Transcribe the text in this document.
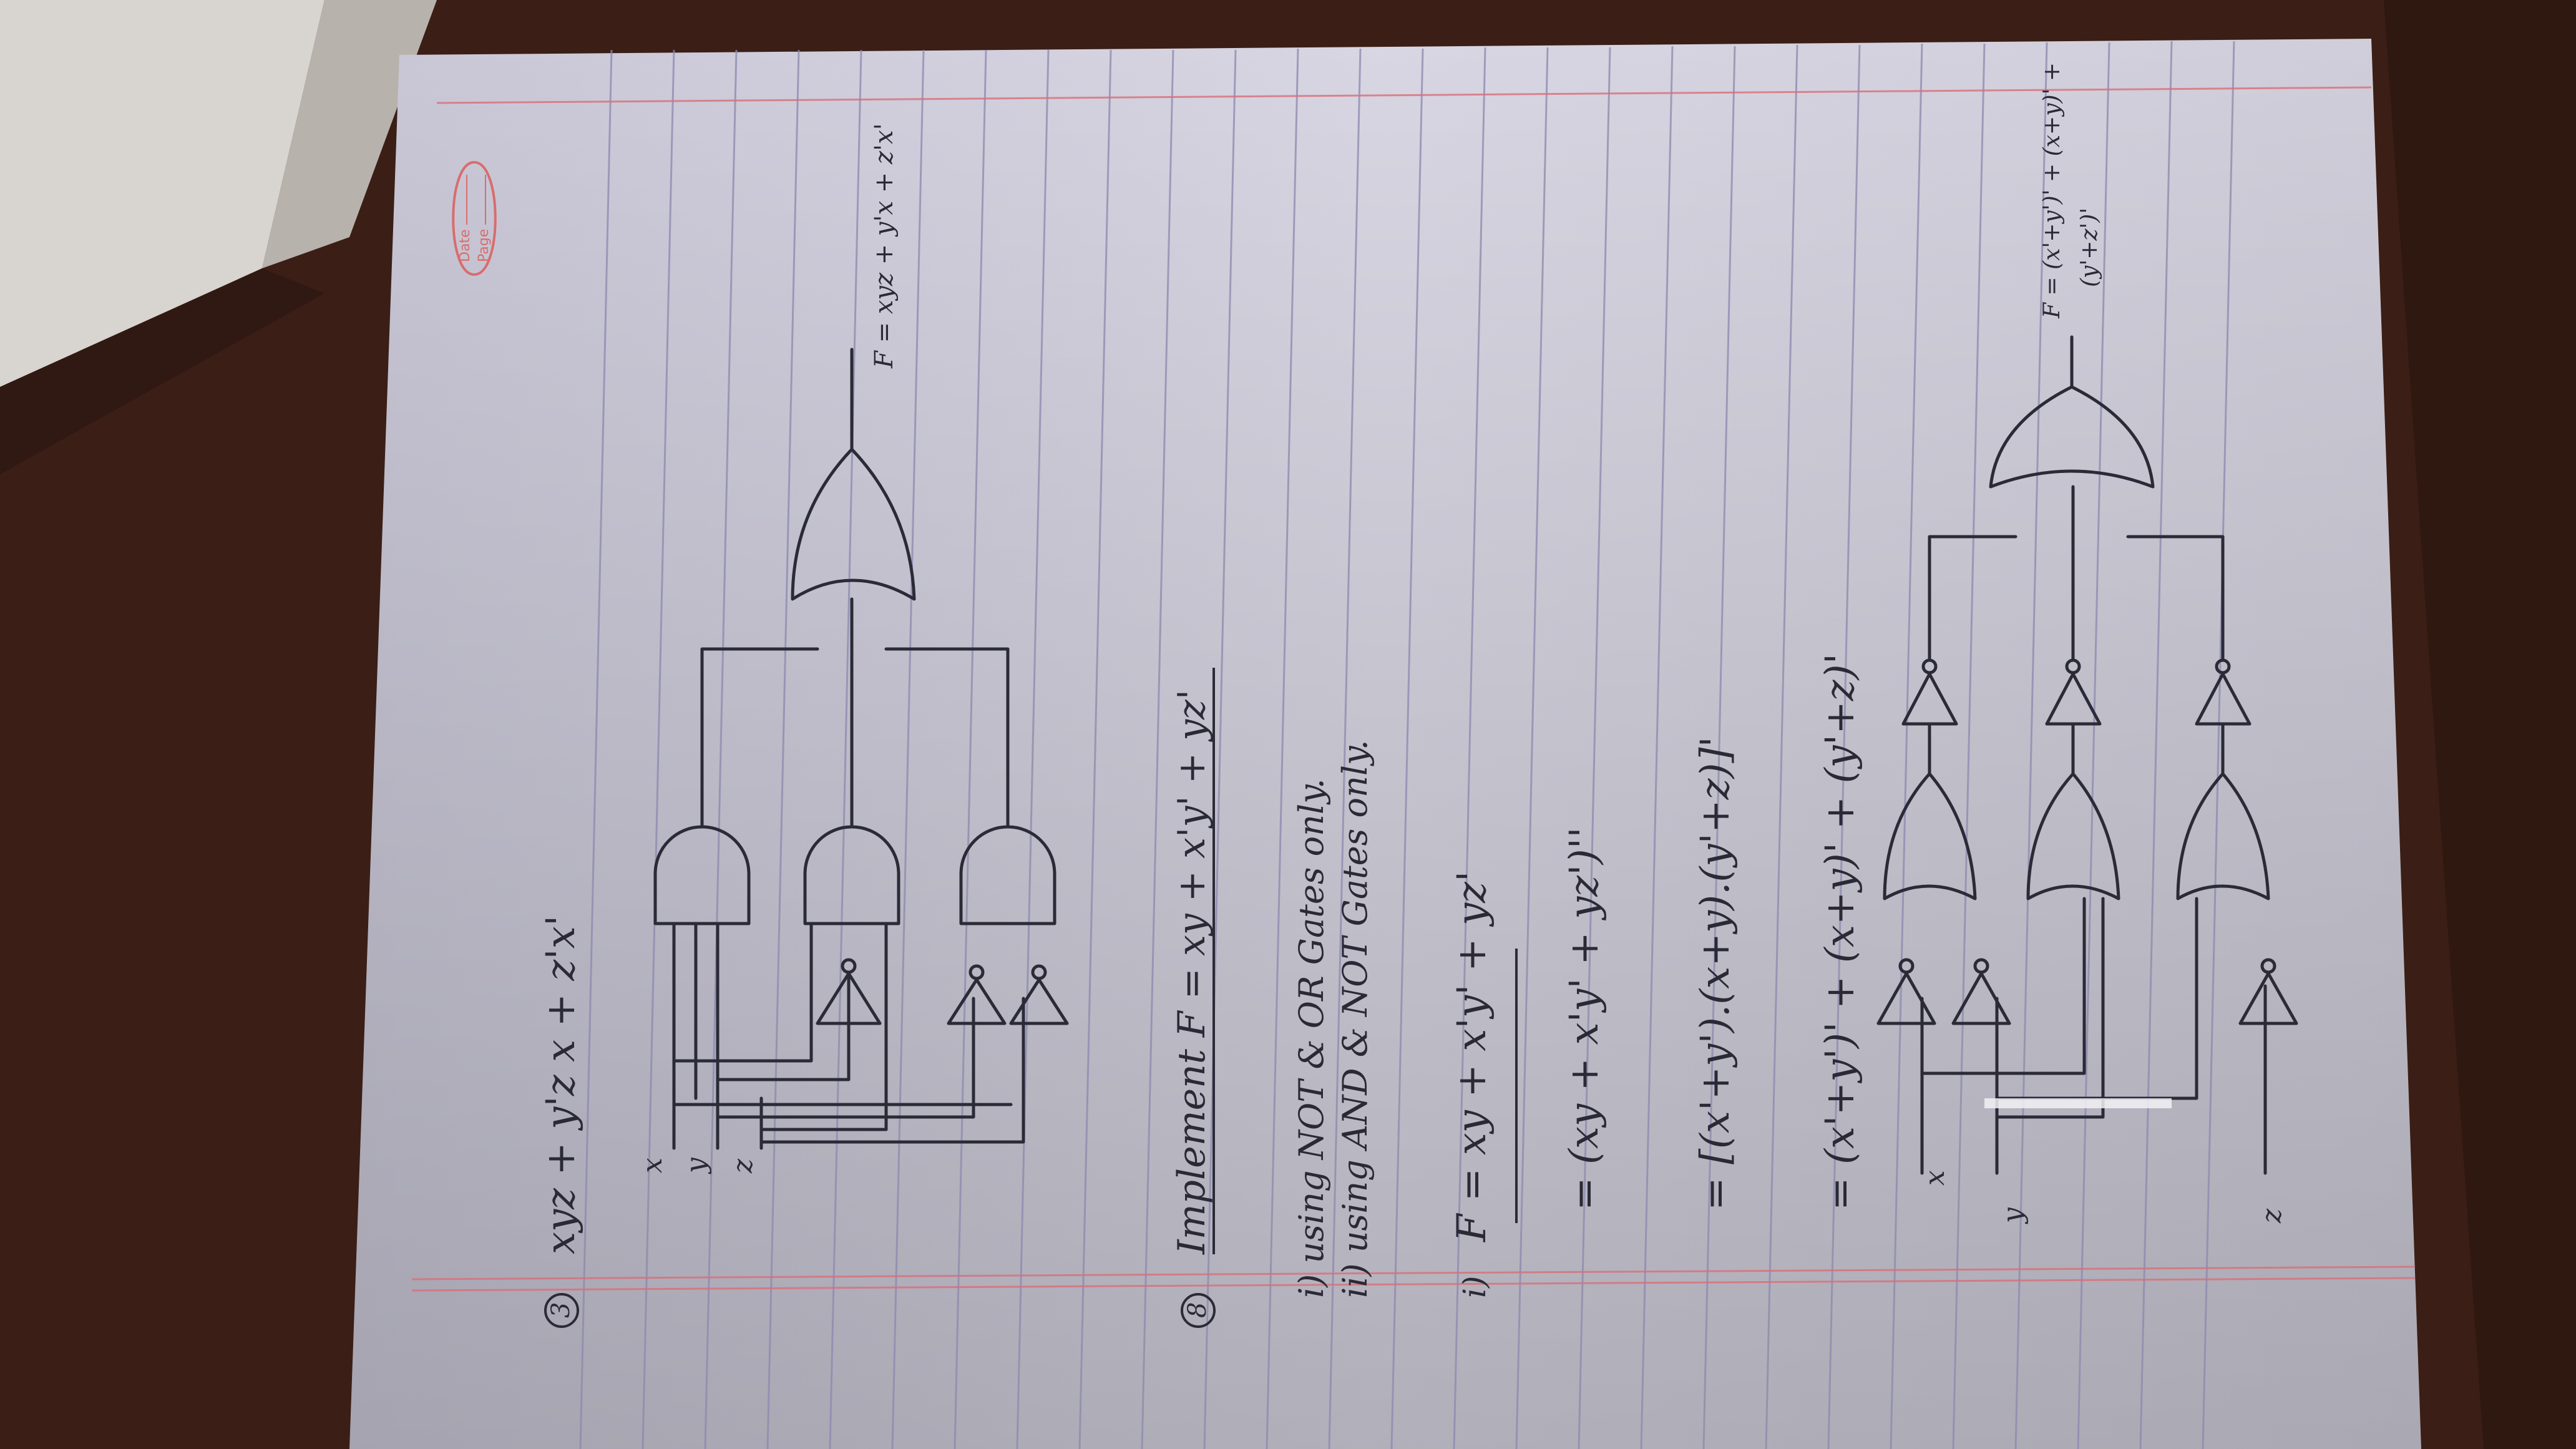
Date Page
3
xyz + y'z x + z'x' x y z
F = xyz + y'x + z'x'
8
Implement F = xy + x'y' + yz' i) using NOT & OR Gates only. ii) using AND & NOT Gates only.	i)
F = xy + x'y' + yz' = (xy + x'y' + yz')'' = [(x'+y').(x+y).(y'+z)]' = (x'+y')' + (x+y)' + (y'+z)' x
y	z
F = (x'+y')' + (x+y)' + (y'+z')'
